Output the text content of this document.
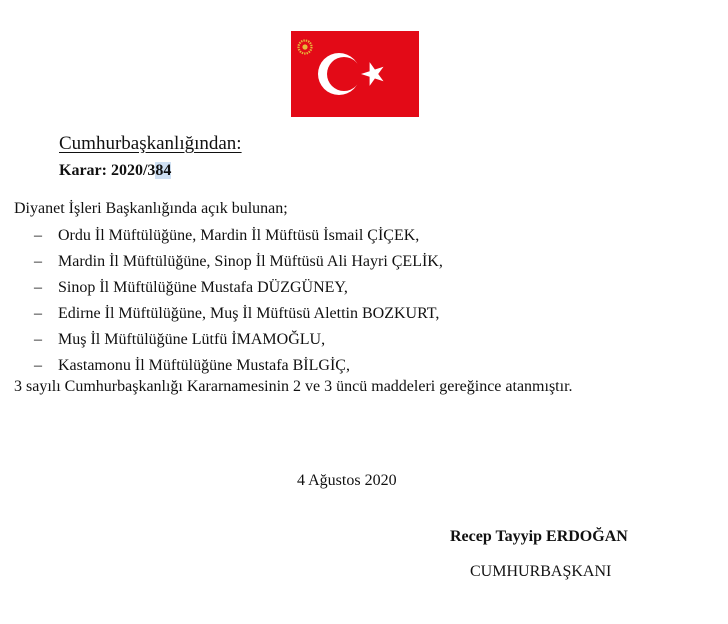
Cumhurbaşkanlığından:
Karar: 2020/384
Diyanet İşleri Başkanlığında açık bulunan;
–	Ordu İl Müftülüğüne, Mardin İl Müftüsü İsmail ÇİÇEK,
–	Mardin İl Müftülüğüne, Sinop İl Müftüsü Ali Hayri ÇELİK,
–	Sinop İl Müftülüğüne Mustafa DÜZGÜNEY,
–	Edirne İl Müftülüğüne, Muş İl Müftüsü Alettin BOZKURT,
–	Muş İl Müftülüğüne Lütfü İMAMOĞLU,
–	Kastamonu İl Müftülüğüne Mustafa BİLGİÇ,
3 sayılı Cumhurbaşkanlığı Kararnamesinin 2 ve 3 üncü maddeleri gereğince atanmıştır.
4 Ağustos 2020
Recep Tayyip ERDOĞAN
CUMHURBAŞKANI
